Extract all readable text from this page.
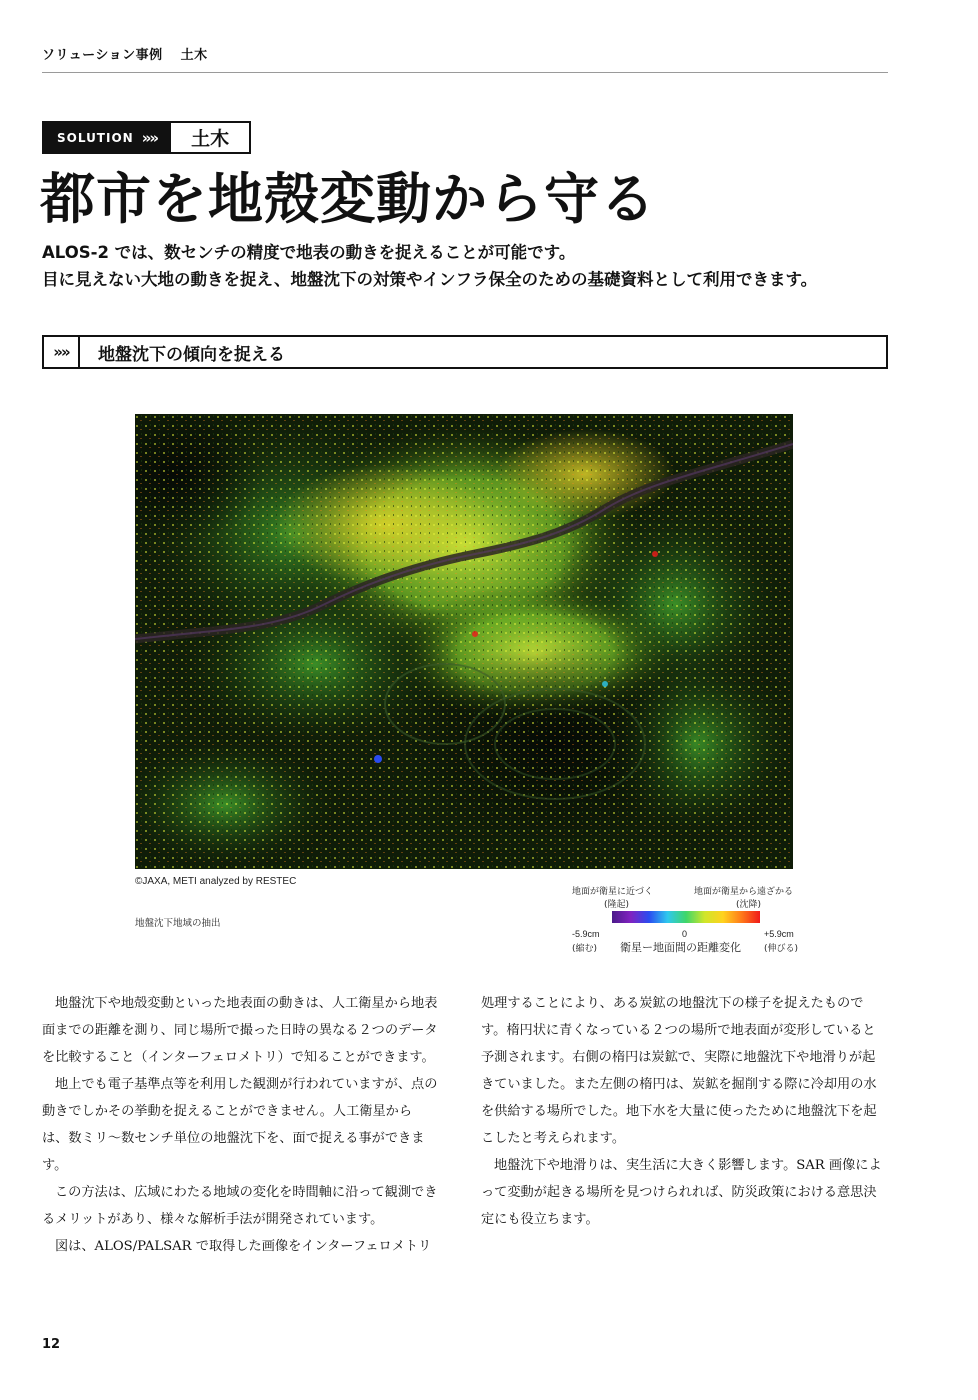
ソリューション事例 土木
SOLUTION »»	土木
都市を地殻変動から守る
ALOS-2 では、数センチの精度で地表の動きを捉えることが可能です。
目に見えない大地の動きを捉え、地盤沈下の対策やインフラ保全のための基礎資料として利用できます。
»»	地盤沈下の傾向を捉える
©JAXA, METI analyzed by RESTEC
地盤沈下地域の抽出
地面が衛星に近づく	地面が衛星から遠ざかる
(隆起)	(沈降)
-5.9cm	0	+5.9cm
(縮む) 衛星ー地面間の距離変化	(伸びる)

地盤沈下や地殻変動といった地表面の動きは、人工衛星から地表面までの距離を測り、同じ場所で撮った日時の異なる２つのデータを比較すること（インターフェロメトリ）で知ることができます。

地上でも電子基準点等を利用した観測が行われていますが、点の動きでしかその挙動を捉えることができません。人工衛星からは、数ミリ～数センチ単位の地盤沈下を、面で捉える事ができます。

この方法は、広域にわたる地域の変化を時間軸に沿って観測できるメリットがあり、様々な解析手法が開発されています。

図は、ALOS/PALSAR で取得した画像をインターフェロメトリ

処理することにより、ある炭鉱の地盤沈下の様子を捉えたものです。楕円状に青くなっている２つの場所で地表面が変形していると予測されます。右側の楕円は炭鉱で、実際に地盤沈下や地滑りが起きていました。また左側の楕円は、炭鉱を掘削する際に冷却用の水を供給する場所でした。地下水を大量に使ったために地盤沈下を起こしたと考えられます。

地盤沈下や地滑りは、実生活に大きく影響します。SAR 画像によって変動が起きる場所を見つけられれば、防災政策における意思決定にも役立ちます。

12
